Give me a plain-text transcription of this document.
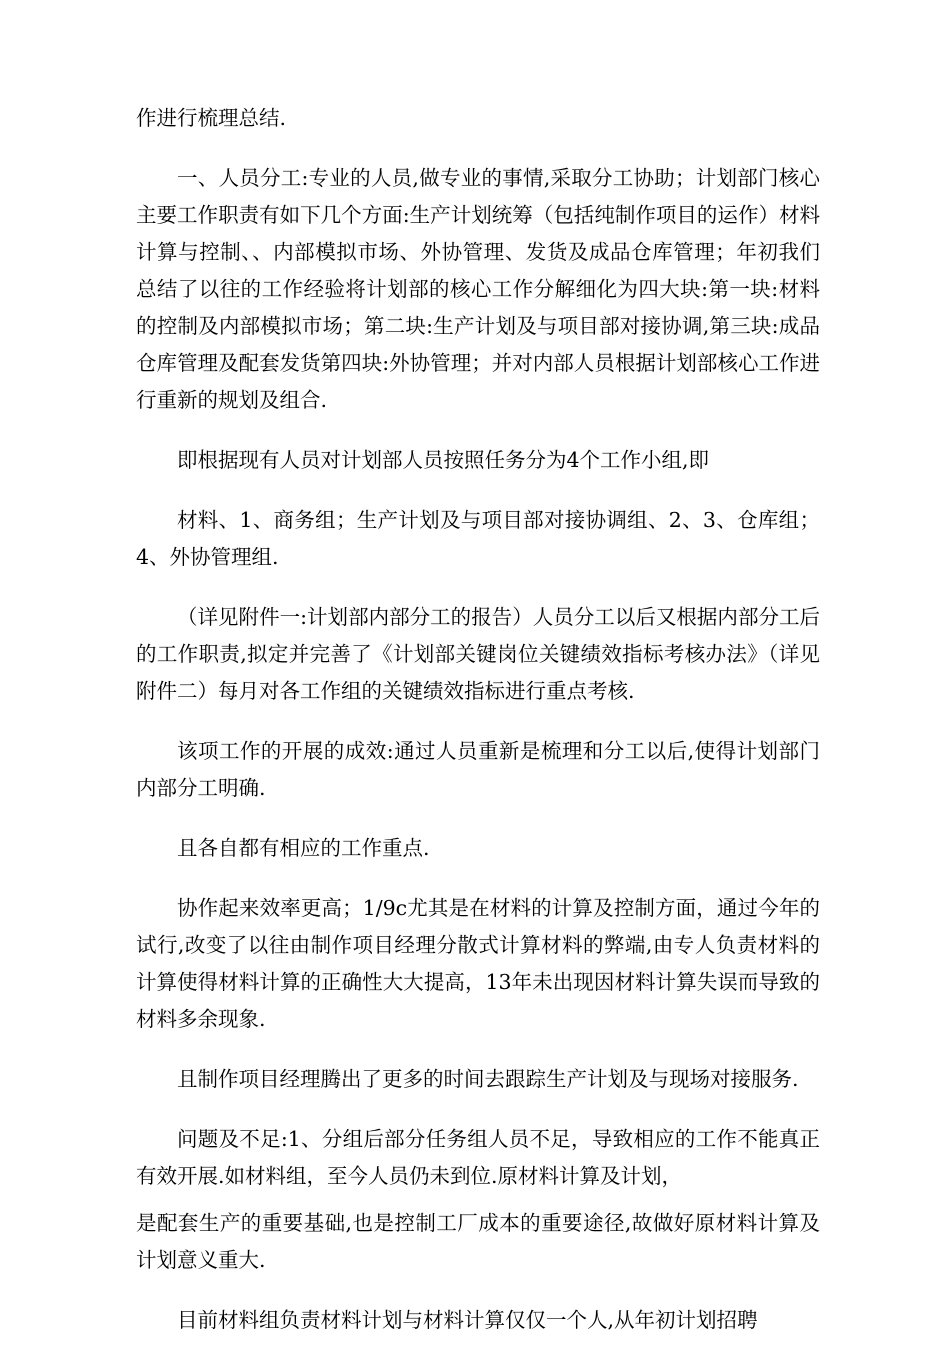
作进行梳理总结.

一、人员分工:专业的人员,做专业的事情,采取分工协助；计划部门核心主要工作职责有如下几个方面:生产计划统筹（包括纯制作项目的运作）材料计算与控制、、内部模拟市场、外协管理、发货及成品仓库管理；年初我们总结了以往的工作经验将计划部的核心工作分解细化为四大块:第一块:材料的控制及内部模拟市场；第二块:生产计划及与项目部对接协调,第三块:成品仓库管理及配套发货第四块:外协管理；并对内部人员根据计划部核心工作进行重新的规划及组合.

即根据现有人员对计划部人员按照任务分为4个工作小组,即

材料、1、商务组；生产计划及与项目部对接协调组、2、3、仓库组；4、外协管理组.

（详见附件一:计划部内部分工的报告）人员分工以后又根据内部分工后的工作职责,拟定并完善了《计划部关键岗位关键绩效指标考核办法》（详见附件二）每月对各工作组的关键绩效指标进行重点考核.

该项工作的开展的成效:通过人员重新是梳理和分工以后,使得计划部门内部分工明确.

且各自都有相应的工作重点.

协作起来效率更高；1/9c尤其是在材料的计算及控制方面，通过今年的试行,改变了以往由制作项目经理分散式计算材料的弊端,由专人负责材料的计算使得材料计算的正确性大大提高，13年未出现因材料计算失误而导致的材料多余现象.

且制作项目经理腾出了更多的时间去跟踪生产计划及与现场对接服务.

问题及不足:1、分组后部分任务组人员不足，导致相应的工作不能真正有效开展.如材料组，至今人员仍未到位.原材料计算及计划，

是配套生产的重要基础,也是控制工厂成本的重要途径,故做好原材料计算及计划意义重大.

目前材料组负责材料计划与材料计算仅仅一个人,从年初计划招聘
